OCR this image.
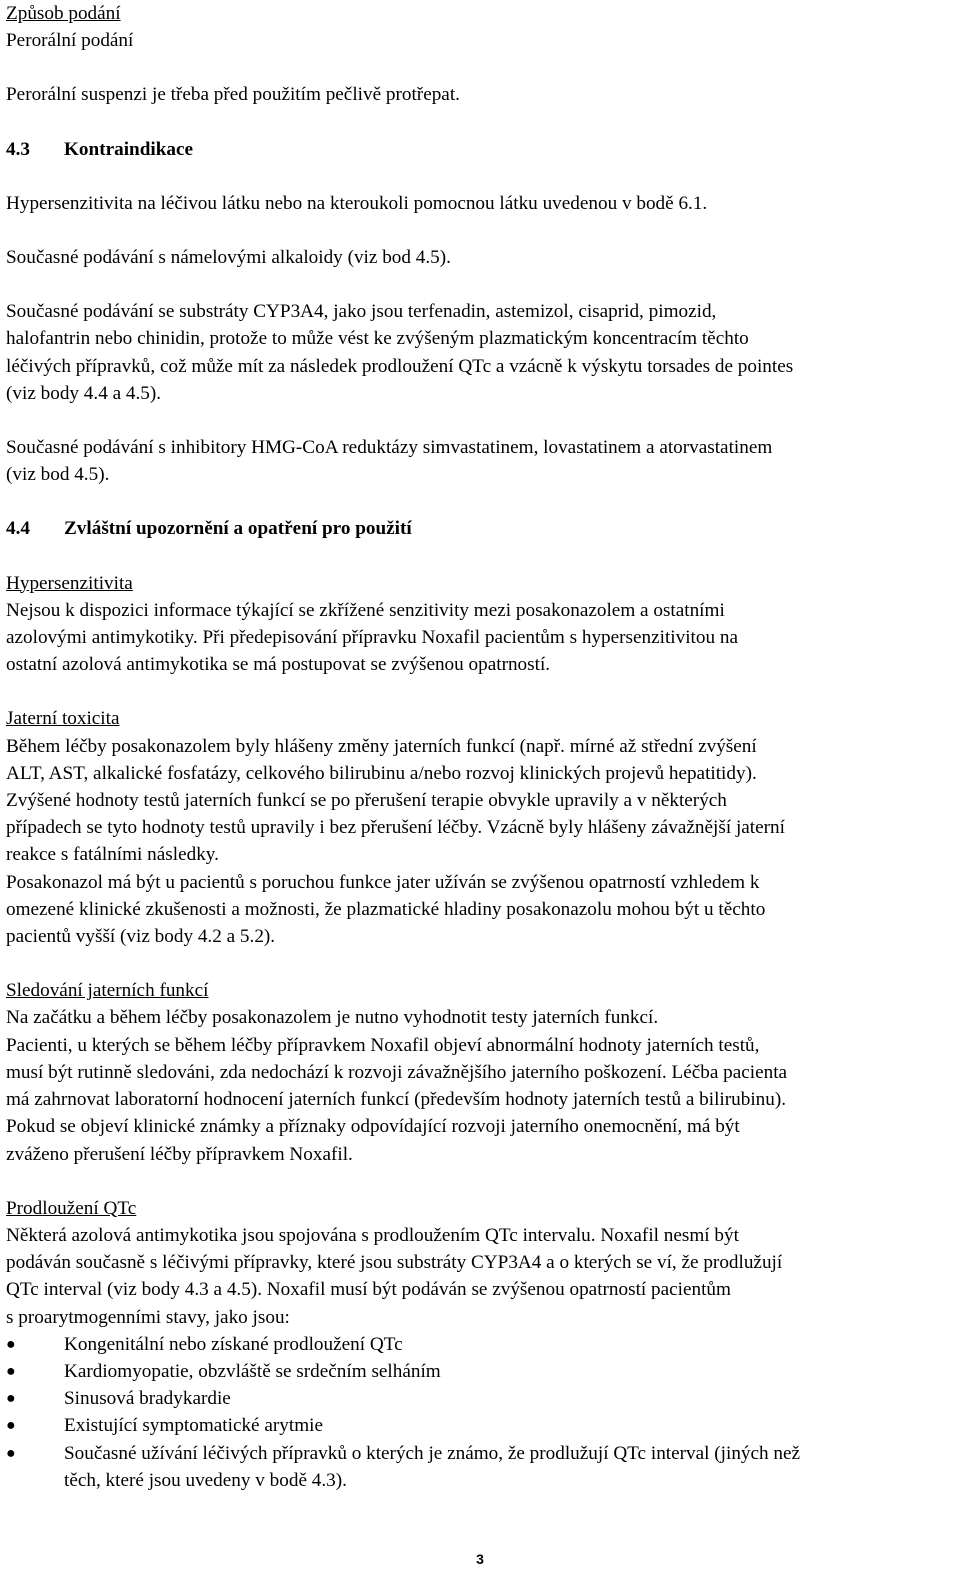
Způsob podání
Perorální podání
Perorální suspenzi je třeba před použitím pečlivě protřepat.
4.3	Kontraindikace
Hypersenzitivita na léčivou látku nebo na kteroukoli pomocnou látku uvedenou v bodě 6.1.
Současné podávání s námelovými alkaloidy (viz bod 4.5).
Současné podávání se substráty CYP3A4, jako jsou terfenadin, astemizol, cisaprid, pimozid,
halofantrin nebo chinidin, protože to může vést ke zvýšeným plazmatickým koncentracím těchto
léčivých přípravků, což může mít za následek prodloužení QTc a vzácně k výskytu torsades de pointes
(viz body 4.4 a 4.5).
Současné podávání s inhibitory HMG-CoA reduktázy simvastatinem, lovastatinem a atorvastatinem
(viz bod 4.5).
4.4	Zvláštní upozornění a opatření pro použití
Hypersenzitivita
Nejsou k dispozici informace týkající se zkřížené senzitivity mezi posakonazolem a ostatními
azolovými antimykotiky. Při předepisování přípravku Noxafil pacientům s hypersenzitivitou na
ostatní azolová antimykotika se má postupovat se zvýšenou opatrností.
Jaterní toxicita
Během léčby posakonazolem byly hlášeny změny jaterních funkcí (např. mírné až střední zvýšení
ALT, AST, alkalické fosfatázy, celkového bilirubinu a/nebo rozvoj klinických projevů hepatitidy).
Zvýšené hodnoty testů jaterních funkcí se po přerušení terapie obvykle upravily a v některých
případech se tyto hodnoty testů upravily i bez přerušení léčby. Vzácně byly hlášeny závažnější jaterní
reakce s fatálními následky.
Posakonazol má být u pacientů s poruchou funkce jater užíván se zvýšenou opatrností vzhledem k
omezené klinické zkušenosti a možnosti, že plazmatické hladiny posakonazolu mohou být u těchto
pacientů vyšší (viz body 4.2 a 5.2).
Sledování jaterních funkcí
Na začátku a během léčby posakonazolem je nutno vyhodnotit testy jaterních funkcí.
Pacienti, u kterých se během léčby přípravkem Noxafil objeví abnormální hodnoty jaterních testů,
musí být rutinně sledováni, zda nedochází k rozvoji závažnějšího jaterního poškození. Léčba pacienta
má zahrnovat laboratorní hodnocení jaterních funkcí (především hodnoty jaterních testů a bilirubinu).
Pokud se objeví klinické známky a příznaky odpovídající rozvoji jaterního onemocnění, má být
zváženo přerušení léčby přípravkem Noxafil.
Prodloužení QTc
Některá azolová antimykotika jsou spojována s prodloužením QTc intervalu. Noxafil nesmí být
podáván současně s léčivými přípravky, které jsou substráty CYP3A4 a o kterých se ví, že prodlužují
QTc interval (viz body 4.3 a 4.5). Noxafil musí být podáván se zvýšenou opatrností pacientům
s proarytmogenními stavy, jako jsou:
●	Kongenitální nebo získané prodloužení QTc
●	Kardiomyopatie, obzvláště se srdečním selháním
●	Sinusová bradykardie
●	Existující symptomatické arytmie
●	Současné užívání léčivých přípravků o kterých je známo, že prodlužují QTc interval (jiných než
těch, které jsou uvedeny v bodě 4.3).
3
